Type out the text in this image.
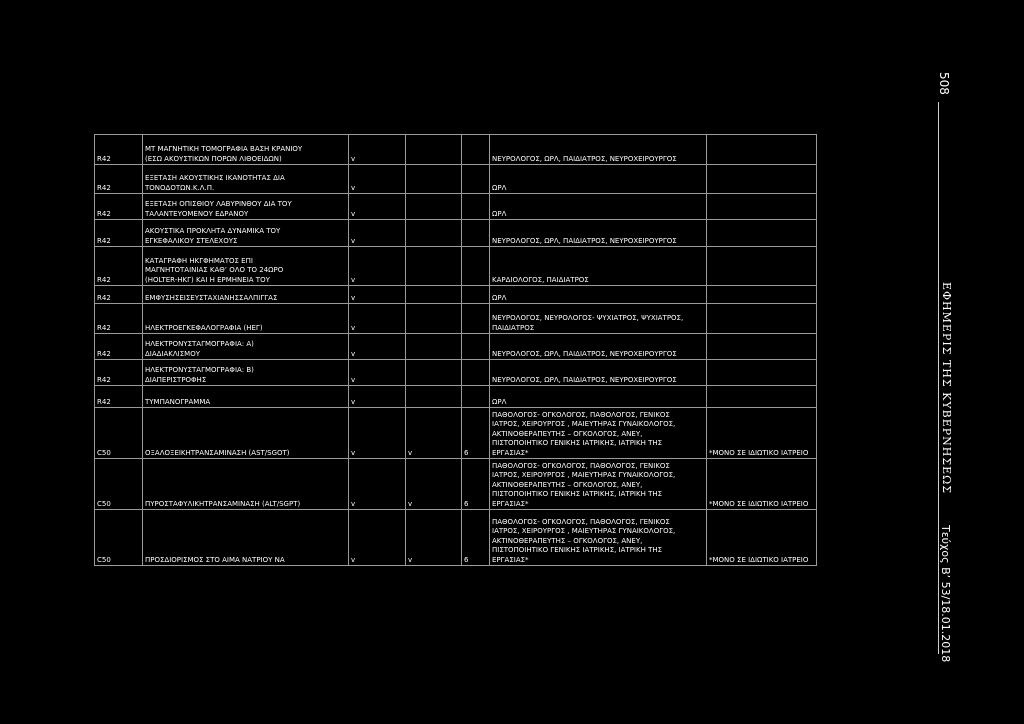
R42	MT ΜΑΓΝΗΤΙΚΗ ΤΟΜΟΓΡΑΦΙΑ ΒΑΣΗ ΚΡΑΝΙΟΥ
(ΕΣΩ ΑΚΟΥΣΤΙΚΩΝ ΠΟΡΩΝ ΛΙΘΟΕΙΔΩΝ)	v			ΝΕΥΡΟΛΟΓΟΣ, ΩΡΛ, ΠΑΙΔΙΑΤΡΟΣ, ΝΕΥΡΟΧΕΙΡΟΥΡΓΟΣ	
R42	ΕΞΕΤΑΣΗ ΑΚΟΥΣΤΙΚΗΣ ΙΚΑΝΟΤΗΤΑΣ ΔΙΑ
ΤΟΝΟΔΟΤΩΝ.Κ.Λ.Π.	v			ΩΡΛ	
R42	ΕΞΕΤΑΣΗ ΟΠΙΣΘΙΟΥ ΛΑΒΥΡΙΝΘΟΥ ΔΙΑ ΤΟΥ
ΤΑΛΑΝΤΕΥΟΜΕΝΟΥ ΕΔΡΑΝΟΥ	v			ΩΡΛ	
R42	ΑΚΟΥΣΤΙΚΑ ΠΡΟΚΛΗΤΑ ΔΥΝΑΜΙΚΑ ΤΟΥ
ΕΓΚΕΦΑΛΙΚΟΥ ΣΤΕΛΕΧΟΥΣ	v			ΝΕΥΡΟΛΟΓΟΣ, ΩΡΛ, ΠΑΙΔΙΑΤΡΟΣ, ΝΕΥΡΟΧΕΙΡΟΥΡΓΟΣ	
R42	ΚΑΤΑΓΡΑΦΗ ΗΚΓΦΗΜΑΤΟΣ ΕΠΙ
ΜΑΓΝΗΤΟΤΑΙΝΙΑΣ ΚΑΘ’ ΟΛΟ ΤΟ 24ΩΡΟ
(HOLTER-ΗΚΓ) ΚΑΙ Η ΕΡΜΗΝΕΙΑ ΤΟΥ	v			ΚΑΡΔΙΟΛΟΓΟΣ, ΠΑΙΔΙΑΤΡΟΣ	
R42	ΕΜΦΥΣΗΣΕΙΣΕΥΣΤΑΧΙΑΝΗΣΣΑΛΠΙΓΓΑΣ	v			ΩΡΛ	
R42	ΗΛΕΚΤΡΟΕΓΚΕΦΑΛΟΓΡΑΦΙΑ (ΗΕΓ)	v			ΝΕΥΡΟΛΟΓΟΣ, ΝΕΥΡΟΛΟΓΟΣ- ΨΥΧΙΑΤΡΟΣ, ΨΥΧΙΑΤΡΟΣ,
ΠΑΙΔΙΑΤΡΟΣ	
R42	ΗΛΕΚΤΡΟΝΥΣΤΑΓΜΟΓΡΑΦΙΑ: Α)
ΔΙΑΔΙΑΚΛΙΣΜΟΥ	v			ΝΕΥΡΟΛΟΓΟΣ, ΩΡΛ, ΠΑΙΔΙΑΤΡΟΣ, ΝΕΥΡΟΧΕΙΡΟΥΡΓΟΣ	
R42	ΗΛΕΚΤΡΟΝΥΣΤΑΓΜΟΓΡΑΦΙΑ: Β)
ΔΙΑΠΕΡΙΣΤΡΟΦΗΣ	v			ΝΕΥΡΟΛΟΓΟΣ, ΩΡΛ, ΠΑΙΔΙΑΤΡΟΣ, ΝΕΥΡΟΧΕΙΡΟΥΡΓΟΣ	
R42	ΤΥΜΠΑΝΟΓΡΑΜΜΑ	v			ΩΡΛ	
C50	ΟΞΑΛΟΞΕΙΚΗΤΡΑΝΣΑΜΙΝΑΣΗ (AST/SGOT)	v	v	6	ΠΑΘΟΛΟΓΟΣ- ΟΓΚΟΛΟΓΟΣ, ΠΑΘΟΛΟΓΟΣ, ΓΕΝΙΚΟΣ
ΙΑΤΡΟΣ, ΧΕΙΡΟΥΡΓΟΣ , ΜΑΙΕΥΤΗΡΑΣ ΓΥΝΑΙΚΟΛΟΓΟΣ,
ΑΚΤΙΝΟΘΕΡΑΠΕΥΤΗΣ – ΟΓΚΟΛΟΓΟΣ, ΑΝΕΥ,
ΠΙΣΤΟΠΟΙΗΤΙΚΟ ΓΕΝΙΚΗΣ ΙΑΤΡΙΚΗΣ, ΙΑΤΡΙΚΗ ΤΗΣ
ΕΡΓΑΣΙΑΣ*	*ΜΟΝΟ ΣΕ ΙΔΙΩΤΙΚΟ ΙΑΤΡΕΙΟ
C50	ΠΥΡΟΣΤΑΦΥΛΙΚΗΤΡΑΝΣΑΜΙΝΑΣΗ (ALT/SGPT)	v	v	6	ΠΑΘΟΛΟΓΟΣ- ΟΓΚΟΛΟΓΟΣ, ΠΑΘΟΛΟΓΟΣ, ΓΕΝΙΚΟΣ
ΙΑΤΡΟΣ, ΧΕΙΡΟΥΡΓΟΣ , ΜΑΙΕΥΤΗΡΑΣ ΓΥΝΑΙΚΟΛΟΓΟΣ,
ΑΚΤΙΝΟΘΕΡΑΠΕΥΤΗΣ – ΟΓΚΟΛΟΓΟΣ, ΑΝΕΥ,
ΠΙΣΤΟΠΟΙΗΤΙΚΟ ΓΕΝΙΚΗΣ ΙΑΤΡΙΚΗΣ, ΙΑΤΡΙΚΗ ΤΗΣ
ΕΡΓΑΣΙΑΣ*	*ΜΟΝΟ ΣΕ ΙΔΙΩΤΙΚΟ ΙΑΤΡΕΙΟ
C50	ΠΡΟΣΔΙΟΡΙΣΜΟΣ ΣΤΟ ΑΙΜΑ ΝΑΤΡΙΟΥ ΝΑ	v	v	6	ΠΑΘΟΛΟΓΟΣ- ΟΓΚΟΛΟΓΟΣ, ΠΑΘΟΛΟΓΟΣ, ΓΕΝΙΚΟΣ
ΙΑΤΡΟΣ, ΧΕΙΡΟΥΡΓΟΣ , ΜΑΙΕΥΤΗΡΑΣ ΓΥΝΑΙΚΟΛΟΓΟΣ,
ΑΚΤΙΝΟΘΕΡΑΠΕΥΤΗΣ – ΟΓΚΟΛΟΓΟΣ, ΑΝΕΥ,
ΠΙΣΤΟΠΟΙΗΤΙΚΟ ΓΕΝΙΚΗΣ ΙΑΤΡΙΚΗΣ, ΙΑΤΡΙΚΗ ΤΗΣ
ΕΡΓΑΣΙΑΣ*	*ΜΟΝΟ ΣΕ ΙΔΙΩΤΙΚΟ ΙΑΤΡΕΙΟ
508
ΕΦΗΜΕΡΙΣ ΤΗΣ ΚΥΒΕΡΝΗΣΕΩΣ
Τεύχος Β’ 53/18.01.2018
